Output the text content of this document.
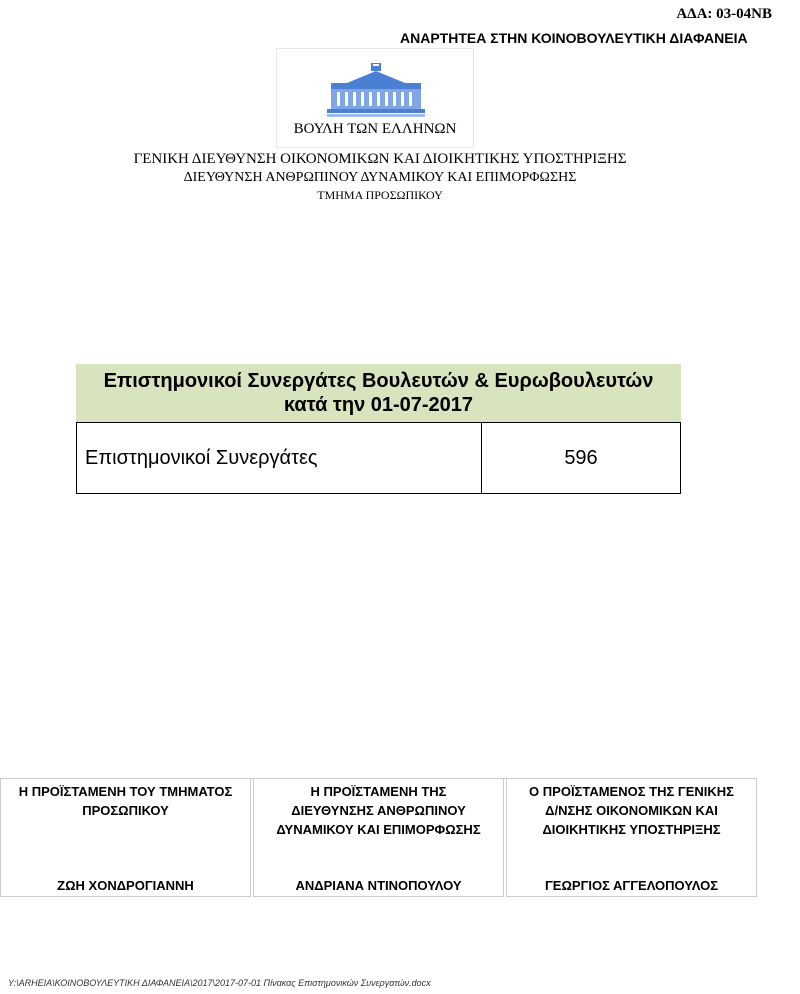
ΑΔΑ: 03-04ΝΒ
ΑΝΑΡΤΗΤΕΑ ΣΤΗΝ ΚΟΙΝΟΒΟΥΛΕΥΤΙΚΗ ΔΙΑΦΑΝΕΙΑ
ΒΟΥΛΗ ΤΩΝ ΕΛΛΗΝΩΝ
ΓΕΝΙΚΗ ΔΙΕΥΘΥΝΣΗ ΟΙΚΟΝΟΜΙΚΩΝ ΚΑΙ ΔΙΟΙΚΗΤΙΚΗΣ ΥΠΟΣΤΗΡΙΞΗΣ
ΔΙΕΥΘΥΝΣΗ ΑΝΘΡΩΠΙΝΟΥ ΔΥΝΑΜΙΚΟΥ ΚΑΙ ΕΠΙΜΟΡΦΩΣΗΣ
ΤΜΗΜΑ ΠΡΟΣΩΠΙΚΟΥ
Επιστημονικοί Συνεργάτες Βουλευτών & Ευρωβουλευτών
κατά την 01-07-2017
Επιστημονικοί Συνεργάτες	596
Η ΠΡΟΪΣΤΑΜΕΝΗ ΤΟΥ ΤΜΗΜΑΤΟΣ
ΠΡΟΣΩΠΙΚΟΥ
ΖΩΗ ΧΟΝΔΡΟΓΙΑΝΝΗ
Η ΠΡΟΪΣΤΑΜΕΝΗ ΤΗΣ
ΔΙΕΥΘΥΝΣΗΣ ΑΝΘΡΩΠΙΝΟΥ
ΔΥΝΑΜΙΚΟΥ ΚΑΙ ΕΠΙΜΟΡΦΩΣΗΣ
ΑΝΔΡΙΑΝΑ ΝΤΙΝΟΠΟΥΛΟΥ
Ο ΠΡΟΪΣΤΑΜΕΝΟΣ ΤΗΣ ΓΕΝΙΚΗΣ
Δ/ΝΣΗΣ ΟΙΚΟΝΟΜΙΚΩΝ ΚΑΙ
ΔΙΟΙΚΗΤΙΚΗΣ ΥΠΟΣΤΗΡΙΞΗΣ
ΓΕΩΡΓΙΟΣ ΑΓΓΕΛΟΠΟΥΛΟΣ
Y:\ARHEIA\ΚΟΙΝΟΒΟΥΛΕΥΤΙΚΗ ΔΙΑΦΑΝΕΙΑ\2017\2017-07-01 Πίνακας Επιστημονικών Συνεργατών.docx
